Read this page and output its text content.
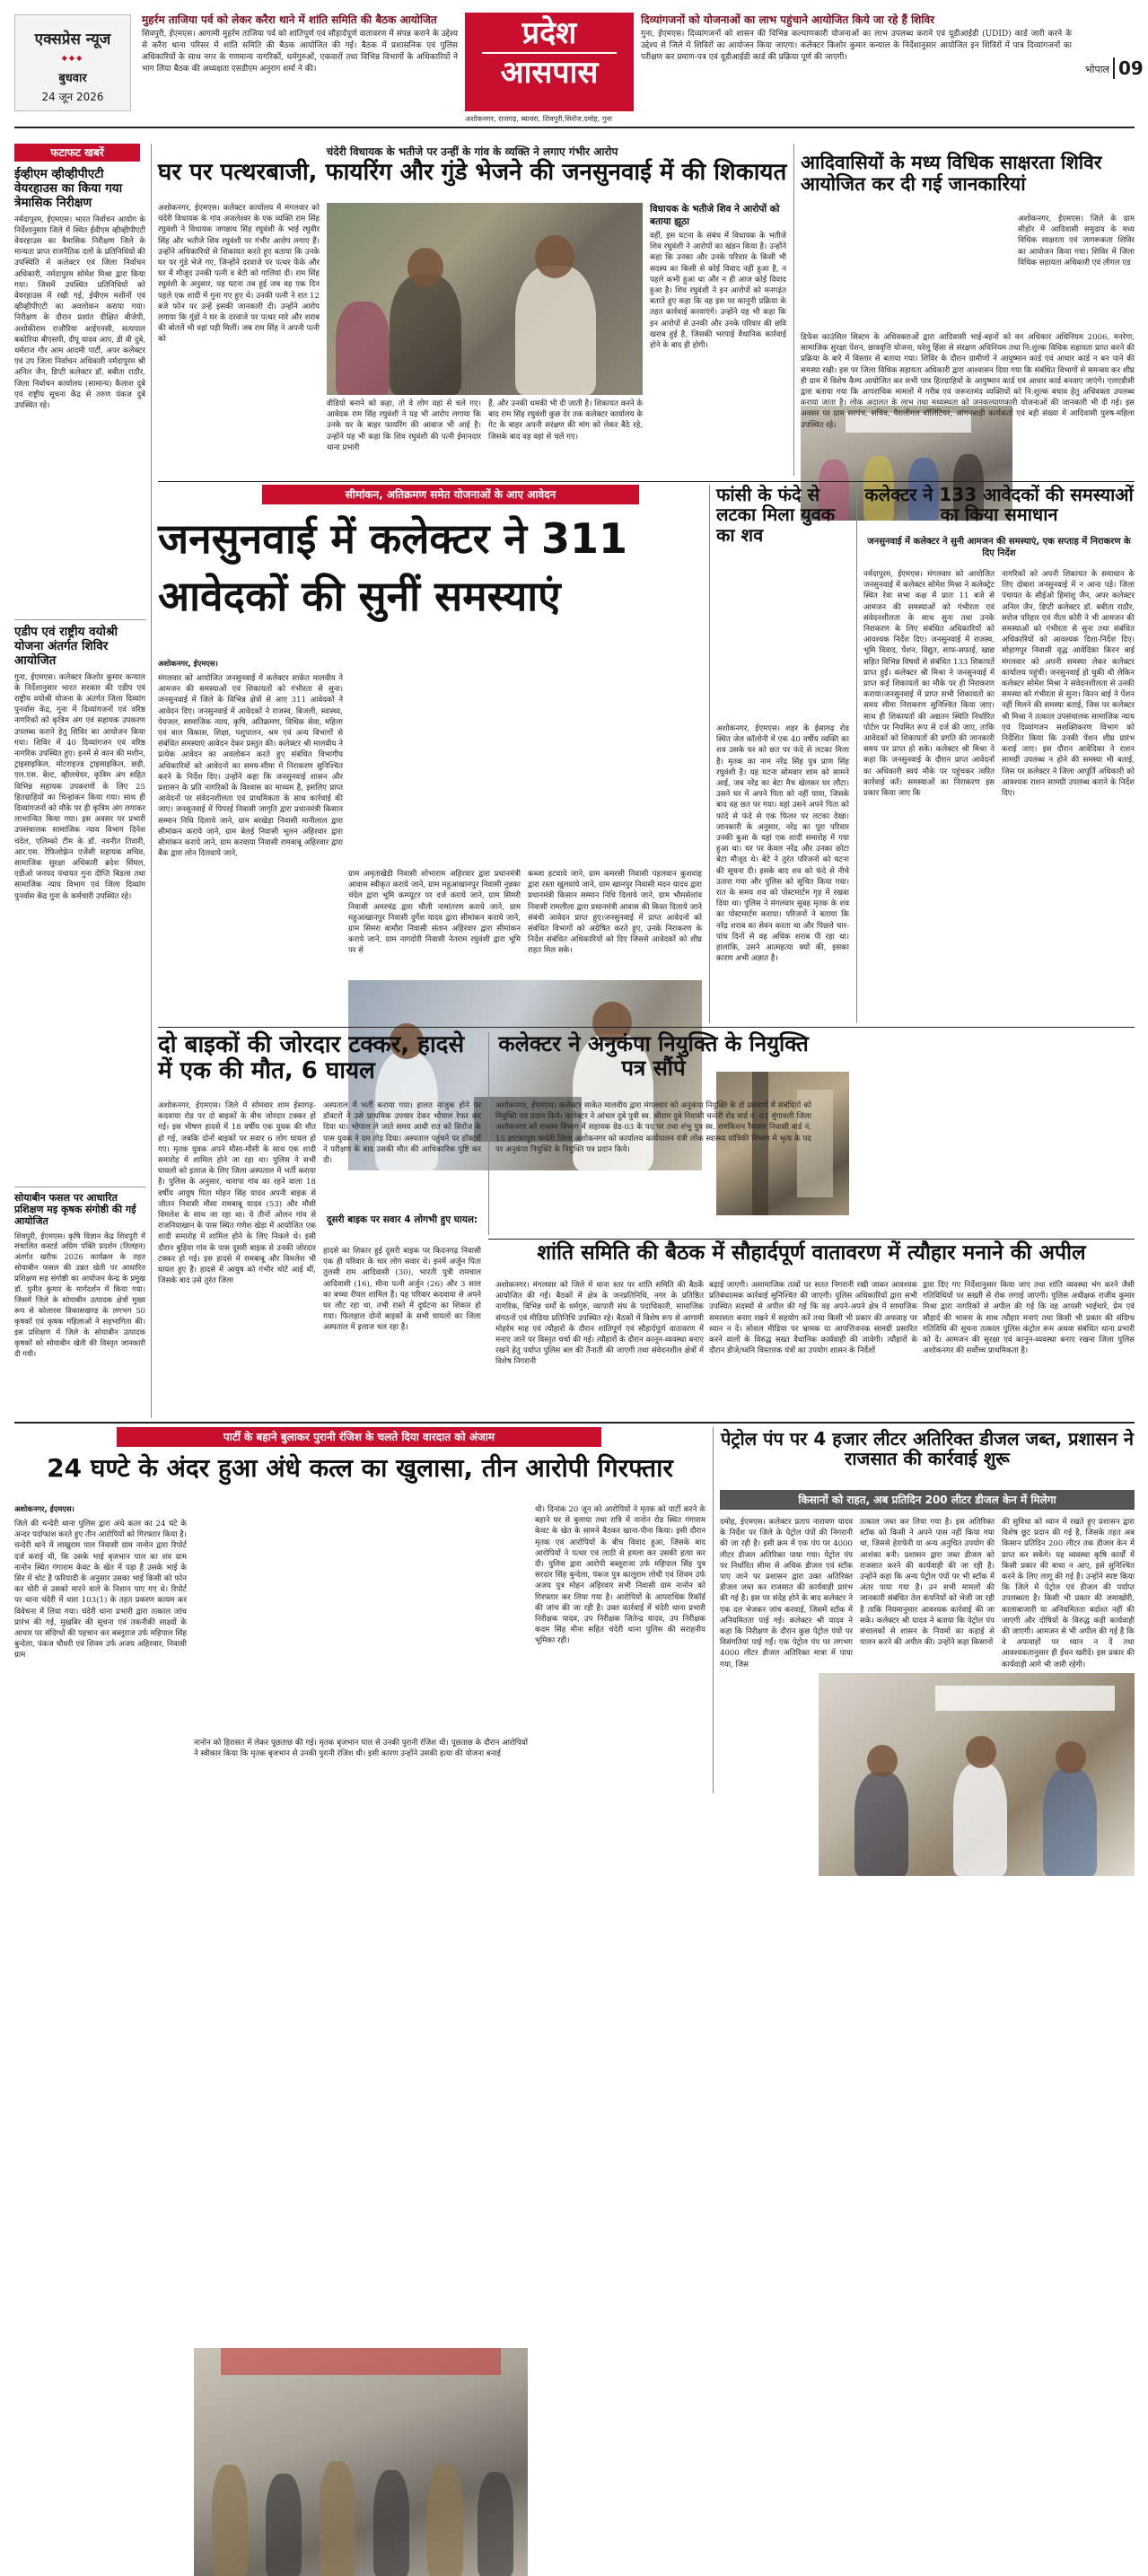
एक्सप्रेस न्यूज
◆◆◆
बुधवार
24 जून 2026
मुहर्रम ताजिया पर्व को लेकर करैरा थाने में शांति समिति की बैठक आयोजित
शिवपुरी, ईएमएस। आगामी मुहर्रम ताजिया पर्व को शांतिपूर्ण एवं सौहार्दपूर्ण वातावरण में संपन्न कराने के उद्देश्य से करैरा थाना परिसर में शांति समिति की बैठक आयोजित की गई। बैठक में प्रशासनिक एवं पुलिस अधिकारियों के साथ नगर के गणमान्य नागरिकों, धर्मगुरुओं, एकवारों तथा विभिन्न विभागों के अधिकारियों ने भाग लिया बैठक की अध्यक्षता एसडीएम अनुराग शर्मा ने की।
प्रदेश
आसपास
अशोकनगर, राजगढ़, ब्यावरा, शिवपुरी,सिरोंज,दमोह, गुना
दिव्यांगजनों को योजनाओं का लाभ पहुंचाने आयोजित किये जा रहे हैं शिविर
गुना, ईएमएस। दिव्यांगजनों को शासन की विभिन्न कल्याणकारी योजनाओं का लाभ उपलब्ध कराने एवं यूडीआईडी (UDID) कार्ड जारी करने के उद्देश्य से जिले में शिविरों का आयोजन किया जाएगा। कलेक्टर किशोर कुमार कन्याल के निर्देशानुसार आयोजित इन शिविरों में पात्र दिव्यांगजनों का परीक्षण कर प्रमाण-पत्र एवं यूडीआईडी कार्ड की प्रक्रिया पूर्ण की जाएगी।
भोपाल 09
फटाफट खबरें
ईव्हीएम व्हीव्हीपीएटी वेयरहाउस का किया गया त्रेमासिक निरीक्षण
नर्मदापुरम, ईएमएस। भारत निर्वाचन आयोग के निर्देशानुसार जिले में स्थित ईवीएम व्हीव्हीपीएटी वेयरहाउस का त्रैमासिक निरीक्षण जिले के मान्यता प्राप्त राजनैतिक दलों के प्रतिनिधियों की उपस्थिति में कलेक्टर एवं जिला निर्वाचन अधिकारी, नर्मदापुरम सोमेश मिश्रा द्वारा किया गया। जिसमें उपस्थित प्रतिनिधियों को वेयरहाउस में रखी गई, ईवीएम मशीनों एवं व्हीव्हीपीएटी का अवलोकन कराया गया। निरीक्षण के दौरान प्रशांत दीक्षित बीजेपी, अशोकीराम राजौरिया आईएनसी, सत्यपाल बकोरिया बीएसपी, दीपू यादव आप, डी वी दुबे, धर्मराज गौर आम आदमी पार्टी, अपर कलेक्टर एवं उप जिला निर्वाचन अधिकारी नर्मदापुरम श्री अनिल जैन, डिप्टी कलेक्टर डॉ. बबीता राठौर, जिला निर्वाचन कार्यालय (सामान्य) कैलाश दुबे एवं राष्ट्रीय सूचना केंद्र से तरुण पंकज दुबे उपस्थित रहे।
एडीप एवं राष्ट्रीय वयोश्री योजना अंतर्गत शिविर आयोजित
गुना, ईएमएस। कलेक्टर किशोर कुमार कन्याल के निर्देशानुसार भारत सरकार की एडीप एवं राष्ट्रीय वयोश्री योजना के अंतर्गत जिला दिव्यांग पुनर्वास केंद्र, गुना में दिव्यांगजनों एवं वरिष्ठ नागरिकों को कृत्रिम अंग एवं सहायक उपकरण उपलब्ध कराने हेतु शिविर का आयोजन किया गया। शिविर में 40 दिव्यांगजन एवं वरिष्ठ नागरिक उपस्थित हुए। इनमें से कान की मशीन, ट्राइसाइकिल, मोटराइज्ड ट्राइसाइकिल, छड़ी, एल.एस. बेल्ट, व्हीलचेयर, कृत्रिम अंग सहित विभिन्न सहायक उपकरणों के लिए 25 हितग्राहियों का चिन्हांकन किया गया। साथ ही दिव्यांगजनों को मौके पर ही कृत्रिम अंग लगाकर लाभान्वित किया गया। इस अवसर पर प्रभारी उपसंचालक सामाजिक न्याय विभाग दिनेश चंदेल, एलिम्को टीम के डॉ. नवनीत तिवारी, आर.एस. रेफिलोफ़्रेन एजेंसी सहायक सचिव, सामाजिक सुरक्षा अधिकारी ब्रदेश सिंघल, एडीओ जनपद पंचायत गुना दीप्ति बिडला तथा सामाजिक न्याय विभाग एवं जिला दिव्यांग पुनर्वास केंद्र गुना के कर्मचारी उपस्थित रहे।
सोयाबीन फसल पर आधारित प्रशिक्षण मइ कृषक संगोष्ठी की गई आयोजित
शिवपुरी, ईएमएस। कृषि विज्ञान केंद्र शिवपुरी में संचालित कस्टर्ड अग्रिम पंक्ति प्रदर्शन (तिलहन) अंतर्गत खरीफ 2026 कार्यक्रम के तहत सोयाबीन फसल की उन्नत खेती पर आधारित प्रशिक्षण सह संगोष्ठी का आयोजन केन्द्र के प्रमुख डॉ. पुनीत कुमार के मार्गदर्शन में किया गया। जिसमें जिले के सोयाबीन उत्पादक क्षेत्रों मुख्य रूप से कोलारस विकासखण्ड के लगभग 50 कृषकों एवं कृषक महिलाओं ने सहभागिता की। इस प्रशिक्षण में जिले के सोयाबीन उत्पादक कृषकों को सोयाबीन खेती की विस्तृत जानकारी दी गयी।
चंदेरी विधायक के भतीजे पर उन्हीं के गांव के व्यक्ति ने लगाए गंभीर आरोप
घर पर पत्थरबाजी, फायरिंग और गुंडे भेजने की जनसुनवाई में की शिकायत
अशोकनगर, ईएमएस। कलेक्टर कार्यालय में मंगलवार को चंदेरी विधायक के गांव अजलेश्वर के एक व्यक्ति राम सिंह रघुवंशी ने विधायक जगन्नाथ सिंह रघुवंशी के भाई रघुवीर सिंह और भतीजे शिव रघुवंशी पर गंभीर आरोप लगाए हैं। उन्होंने अधिकारियों से शिकायत करते हुए बताया कि उनके घर पर गुंडे भेजे गए, जिन्होंने दरवाजे पर पत्थर फेंके और घर में मौजूद उनकी पत्नी व बेटी को गालियां दी। राम सिंह रघुवंशी के अनुसार, यह घटना तब हुई जब वह एक दिन पहले एक शादी में गुना गए हुए थे। उनकी पत्नी ने रात 12 बजे फोन पर उन्हें इसकी जानकारी दी। उन्होंने आरोप लगाया कि गुंडों ने घर के दरवाजे पर पत्थर मारे और शराब की बोतलें भी वहां पड़ी मिलीं। जब राम सिंह ने अपनी पत्नी को
वीडियो बनाने को कहा, तो वे लोग वहां से चले गए। आवेदक राम सिंह रघुवंशी ने यह भी आरोप लगाया कि उनके घर के बाहर फायरिंग की आवाज भी आई है। उन्होंने यह भी कहा कि शिव रघुवंशी की पत्नी ईमानदार थाना प्रभारी
हैं, और उनकी धमकी भी दी जाती है। शिकायत करने के बाद राम सिंह रघुवंशी कुछ देर तक कलेक्टर कार्यालय के गेट के बाहर अपनी सरंक्षण की मांग को लेकर बैठे रहे, जिसके बाद वह वहां से चले गए।
विधायक के भतीजे शिव ने आरोपों को बताया झूठा
वहीं, इस घटना के संबंध में विधायक के भतीजे शिव रघुवंशी ने आरोपों का खंडन किया है। उन्होंने कहा कि उनका और उनके परिवार के किसी भी सदस्य का किसी से कोई विवाद नहीं हुआ है, न पहले कभी हुआ था और न ही आज कोई विवाद हुआ है। शिव रघुवंशी ने इन आरोपों को मनगढ़ंत बताते हुए कहा कि वह इस पर कानूनी प्रक्रिया के तहत कार्रवाई करवाएंगे। उन्होंने यह भी कहा कि इन आरोपों से उनकी और उनके परिवार की छवि खराब हुई है, जिसकी भरपाई वैधानिक कार्रवाई होने के बाद ही होगी।
आदिवासियों के मध्य विधिक साक्षरता शिविर आयोजित कर दी गई जानकारियां
अशोकनगर, ईएमएस। जिले के ग्राम सीहोर में आदिवासी समुदाय के मध्य विधिक साक्षरता एवं जागरूकता शिविर का आयोजन किया गया। शिविर में जिला विधिक सहायता अधिकारी एवं लीगल एड
डिफेंस काउंसिल सिस्टम के अधिवक्ताओं द्वारा आदिवासी भाई-बहनों को वन अधिकार अधिनियम 2006, मनरेगा, सामाजिक सुरक्षा पेंशन, छात्रवृत्ति योजना, घरेलू हिंसा से संरक्षण अधिनियम तथा नि:शुल्क विधिक सहायता प्राप्त करने की प्रक्रिया के बारे में विस्तार से बताया गया। शिविर के दौरान ग्रामीणों ने आयुष्मान कार्ड एवं आधार कार्ड न बन पाने की समस्या रखी। इस पर जिला विधिक सहायता अधिकारी द्वारा आश्वासन दिया गया कि संबंधित विभागों से समन्वय कर शीघ्र ही ग्राम में विशेष कैम्प आयोजित कर सभी पात्र हितग्राहियों के आयुष्मान कार्ड एवं आधार कार्ड बनवाए जाएंगे। एलएडीसी द्वारा बताया गया कि आपराधिक मामलों में गरीब एवं जरूरतमंद व्यक्तियों को नि:शुल्क बचाव हेतु अधिवक्ता उपलब्ध कराया जाता है। लोक अदालत के लाभ तथा मध्यस्थता को जनकल्याणकारी योजनाओं की जानकारी भी दी गई। इस अवसर पर ग्राम सरपंच, सचिव, पैरालीगल वॉलिंटियर, आंगनबाड़ी कार्यकर्ता एवं बड़ी संख्या में आदिवासी पुरुष-महिला उपस्थित रहे।
सीमांकन, अतिक्रमण समेत योजनाओं के आए आवेदन
जनसुनवाई में कलेक्टर ने 311 आवेदकों की सुनीं समस्याएं
अशोकनगर, ईएमएस।
मंगलवार को आयोजित जनसुनवाई में कलेक्टर साकेत मालवीय ने आमजन की समस्याओं एवं शिकायतों को गंभीरता से सुना। जनसुनवाई में जिले के विभिन्न क्षेत्रों से आए 311 आवेदकों ने आवेदन दिए। जनसुनवाई में आवेदकों ने राजस्व, बिजली, स्वास्थ्य, पेयजल, सामाजिक न्याय, कृषि, अतिक्रमण, विधिक सेवा, महिला एवं बाल विकास, शिक्षा, पशुपालन, श्रम एवं अन्य विभागों से संबंधित समस्याएं आवेदन देकर प्रस्तुत की। कलेक्टर श्री मालवीय ने प्रत्येक आवेदन का अवलोकन करते हुए संबंधित विभागीय अधिकारियों को आवेदनों का समय-सीमा में निराकरण सुनिश्चित करने के निर्देश दिए। उन्होंने कहा कि जनसुनवाई शासन और प्रशासन के प्रति नागरिकों के विश्वास का माध्यम है, इसलिए प्राप्त आवेदनों पर संवेदनशीलता एवं प्राथमिकता के साथ कार्रवाई की जाए। जनसुनवाई में पिपरई निवासी जागृति द्वारा प्रधानमंत्री किसान सम्मान निधि दिलाये जाने, ग्राम बरखेड़ा निवासी मानीलाल द्वारा सीमांकन कराये जाने, ग्राम बेलई निवासी भूलन अहिरवार द्वारा सीमांकन कराये जाने, ग्राम करवाया निवासी रामबाबू अहिरवार द्वारा बैंक द्वारा लोन दिलवाये जाने,
ग्राम अमृताखेडी निवासी शोभाराम अहिरवार द्वारा प्रधानमंत्री आवास स्वीकृत कराये जाने, ग्राम महुआखानपुर निवासी नुन्नका चंदेल द्वारा भूमि कम्प्यूटर पर दर्ज कराये जाने, ग्राम सिमरी निवासी अमरचंद्र द्वारा चौली नामांतरण कराये जाने, ग्राम महुआखानपुर निवासी दुर्गेश यादव द्वारा सीमांकन कराये जाने, ग्राम सिमरा बामौरा निवासी संतान अहिरवार द्वारा सीमांकन कराये जाने, ग्राम नागदोरी निवासी नेतराम रघुवंशी द्वारा भूमि पर से
कब्जा हटवाये जाने, ग्राम कमरसी निवासी पहलवान कुशवाह द्वारा रस्ता खुलवाये जाने, ग्राम खानपुर निवासी मदन यादव द्वारा प्रधानमंत्री किसान सम्मान निधि दिलाये जाने, ग्राम भौमसेलांव निवासी रामलीला द्वारा प्रधानमंत्री आवास की किस्त दिलाये जाने संबंधी आवेदन प्राप्त हुए।जनसुनवाई में प्राप्त आवेदनों को संबंधित विभागों को अग्रेषित करते हुए, उनके निराकरण के निर्देश संबंधित अधिकारियों को दिए जिससे आवेदकों को शीघ्र राहत मिल सके।
फांसी के फंदे से लटका मिला युवक का शव
अशोकनगर, ईएमएस। शहर के ईसागढ़ रोड स्थित जेल कॉलोनी में एक 40 वर्षीय व्यक्ति का शव उसके घर को छत पर फंदे से लटका मिला है। मृतक का नाम नरेंद्र सिंह पुत्र प्राण सिंह रघुवंशी है। यह घटना सोमवार शाम को सामने आई, जब नरेंद्र का बेटा मैच खेलकर घर लौटा। उसने घर में अपने पिता को नहीं पाया, जिसके बाद वह छत पर गया। वहां उसने अपने पिता को फांदे से फंदे से एक फिलर पर लटका देखा। जानकारी के अनुसार, नरेंद्र का पूरा परिवार उनकी बुआ के यहां एक शादी समारोह में गया हुआ था। घर पर केवल नरेंद्र और उनका छोटा बेटा मौजूद थे। बेटे ने तुरंत परिजनों को घटना की सूचना दी। इसके बाद शव को फंदे से नीचे उतारा गया और पुलिस को सूचित किया गया। रात के समय शव को पोस्टमार्टम गृह में रखवा दिया था। पुलिस ने मंगलवार सुबह मृतक के शव का पोस्टमार्टम कराया। परिजनों ने बताया कि नरेंद्र शराब का सेवन करता था और पिछले चार-पांच दिनों से वह अधिक शराब पी रहा था। हालांकि, उसने आत्महत्या क्यों की, इसका कारण अभी अज्ञात है।
कलेक्टर ने 133 आवेदकों की समस्याओं का किया समाधान
जनसुनवाई में कलेक्टर ने सुनी आमजन की समस्याएं, एक सप्ताह में निराकरण के दिए निर्देश
नर्मदापुरम, ईएमएस। मंगलवार को आयोजित जनसुनवाई में कलेक्टर सोमेश मिश्रा ने कलेक्ट्रेट स्थित रेवा सभा कक्ष में प्रातः 11 बजे से आमजन की समस्याओं को गंभीरता एवं संवेदनशीलता के साथ सुना तथा उनके निराकरण के लिए संबंधित अधिकारियों को आवश्यक निर्देश दिए। जनसुनवाई में राजस्व, भूमि विवाद, पेंशन, विद्युत, साफ-सफाई, खाद्य सहित विभिन्न विषयों से संबंधित 133 शिकायतें प्राप्त हुईं। कलेक्टर श्री मिश्रा ने जनसुनवाई में प्राप्त कई शिकायतों का मौके पर ही निराकरण कराया।जनसुनवाई में प्राप्त सभी शिकायतों का समय सीमा निराकरण सुनिश्चित किया जाए। साथ ही शिकायतों की अद्यतन स्थिति निर्धारित पोर्टल पर नियमित रूप से दर्ज की जाए, ताकि आवेदकों को शिकायतों की प्रगति की जानकारी समय पर प्राप्त हो सके। कलेक्टर श्री मिश्रा ने कहा कि जनसुनवाई के दौरान प्राप्त आवेदनों का अधिकारी स्वयं मौके पर पहुंचकर त्वरित कार्रवाई करें। समस्याओं का निराकरण इस प्रकार किया जाए कि
नागरिकों को अपनी शिकायत के समाधान के लिए दोबारा जनसुनवाई में न आना पड़े। जिला पंचायत के सीईओ हिमांशु जैन, अपर कलेक्टर अनिल जैन, डिप्टी कलेक्टर डॉ. बबीता राठौर, सरोज परिहार एवं नीता कोरी ने भी आमजन की समस्याओं को गंभीरता से सुना तथा संबंधित अधिकारियों को आवश्यक दिशा-निर्देश दिए। सोहागपुर निवासी वृद्ध आवेदिका किरन बाई मंगलवार को अपनी समस्या लेकर कलेक्टर कार्यालय पहुंचीं। जनसुनवाई हो चुकी थी लेकिन कलेक्टर सोमेश मिश्रा ने संवेदनशीलता से उनकी समस्या को गंभीरता से सुना। किरन बाई ने पेंशन नहीं मिलने की समस्या बताई, जिस पर कलेक्टर श्री मिश्रा ने तत्काल उपसंचालक सामाजिक न्याय एवं दिव्यांगजन सशक्तिकरण विभाग को निर्देशित किया कि उनकी पेंशन शीघ्र प्रारंभ कराई जाए। इस दौरान आवेदिका ने राशन सामग्री उपलब्ध न होने की समस्या भी बताई, जिस पर कलेक्टर ने जिला आपूर्ति अधिकारी को आवश्यक राशन सामग्री उपलब्ध कराने के निर्देश दिए।
दो बाइकों की जोरदार टक्कर, हादसे में एक की मौत, 6 घायल
अशोकनगर, ईएमएस। जिले में सोमवार शाम ईसागढ़-कदवाया रोड पर दो बाइकों के बीच जोरदार टक्कर हो गई। इस भीषण हादसे में 18 वर्षीय एक युवक की मौत हो गई, जबकि दोनों बाइकों पर सवार 6 लोग घायल हो गए। मृतक युवक अपने मौसा-मौसी के साथ एक शादी समारोह में शामिल होने जा रहा था। पुलिस ने सभी घायलों को इलाज के लिए जिला अस्पताल में भर्ती कराया है। पुलिस के अनुसार, चारापा गांव का रहने वाला 18 वर्षीय आयुष पिता मोहन सिंह यादव अपनी बाइक से जीतन निवासी मौसा रामबाबू यादव (53) और मौसी विमलेश के साथ जा रहा था। ये तीनों ओलन गांव से राजनियाखान के पास स्थित गणेश खेड़ा में आयोजित एक शादी समारोह में शामिल होने के लिए निकले थे। इसी दौरान बुड़िया गांव के पास दूसरी बाइक से उनकी जोरदार टक्कर हो गई। इस हादसे में रामबाबू और विमलेश भी घायल हुए हैं। हादसे में आयुष को गंभीर चोटें आई थीं, जिसके बाद उसे तुरंत जिला
अस्पताल में भर्ती कराया गया। हालत नाजुक होने पर डॉक्टरों ने उसे प्राथमिक उपचार देकर भोपाल रेफर कर दिया था। भोपाल ले जाते समय आधी रात को सिरोंज के पास युवक ने दम तोड़ दिया। अस्पताल पहुंचने पर डॉक्टरों ने परीक्षण के बाद उसकी मौत की आधिकारिक पुष्टि कर दी।
दूसरी बाइक पर सवार 4 लोगभी हुए घायल:
हादसे का शिकार हुई दूसरी बाइक पर किदनगढ़ निवासी एक ही परिवार के चार लोग सवार थे। इनमें अर्जुन पिता तुलसी राम आदिवासी (30), भारती पुत्री रामचाल आदिवासी (16), मीना पत्नी अर्जुन (26) और 3 साल का बच्चा रीयल शामिल हैं। यह परिवार कदवाया से अपने घर लौट रहा था, तभी रास्ते में दुर्घटना का शिकार हो गया। फिलहाल दोनों बाइकों के सभी घायलों का जिला अस्पताल में इलाज चल रहा है।
कलेक्टर ने अनुकंपा नियुक्ति के नियुक्ति पत्र सौंपे
अशोकनगर, ईएमएस। कलेक्टर साकेत मालवीय द्वारा मंगलवार को अनुकंपा नियुक्ति के दो प्रकरणों में संबंधितों को नियुक्ति पत्र प्रदान किये। कलेक्टर ने आंचल दुबे पुत्री स्व. श्रीराम दुबे निवासी चन्देरी रोड वार्ड न. 01 मुंगावली जिला अशोकनगर को राजस्व विभाग में सहायक ग्रेड-03 के पद पर तथा शंभु पुत्र स्व. रामकिशन रैकवार निवासी वार्ड नं. 15 हाटकापुरा चन्देरी जिला अशोकनगर को कार्यालय कार्यपालन यंत्री लोक स्वास्थ्य यांत्रिकी विभाग में भृत्य के पद पर अनुकंपा नियुक्ति के नियुक्ति पत्र प्रदान किये।
शांति समिति की बैठक में सौहार्दपूर्ण वातावरण में त्यौहार मनाने की अपील
अशोकनगर। मंगलवार को जिले में थाना स्तर पर शांति समिति की बैठकें आयोजित की गईं। बैठकों में क्षेत्र के जनप्रतिनिधि, नगर के प्रतिष्ठित नागरिक, विभिन्न धर्मों के धर्मगुरु, व्यापारी संघ के पदाधिकारी, सामाजिक संगठनों एवं मीडिया प्रतिनिधि उपस्थित रहे। बैठकों में विशेष रूप से आगामी मोहर्रम माह एवं त्यौहारों के दौरान शांतिपूर्ण एवं सौहार्दपूर्ण वातावरण में मनाए जाने पर विस्तृत चर्चा की गई। त्यौहारों के दौरान कानून-व्यवस्था बनाए रखने हेतु पर्याप्त पुलिस बल की तैनाती की जाएगी तथा संवेदनशील क्षेत्रों में विशेष निगरानी
बढ़ाई जाएगी। असामाजिक तत्वों पर सतत निगरानी रखी जाकर आवश्यक प्रतिबंधात्मक कार्रवाई सुनिश्चित की जाएगी। पुलिस अधिकारियों द्वारा सभी उपस्थित सदस्यों से अपील की गई कि वह अपने-अपने क्षेत्र में सामाजिक समरसता बनाए रखने में सहयोग करें तथा किसी भी प्रकार की अफवाह पर ध्यान न दें। सोशल मीडिया पर भ्रामक या आपत्तिजनक सामग्री प्रसारित करने वालों के विरुद्ध सख्त वैधानिक कार्यवाही की जावेगी। त्यौहारों के दौरान डीजे/ध्वनि विस्तारक यंत्रों का उपयोग शासन के निर्देशों
द्वारा दिए गए निर्देशानुसार किया जाए तथा शांति व्यवस्था भंग करने जैसी गतिविधियों पर सख्ती से रोक लगाई जाएगी। पुलिस अधीक्षक राजीव कुमार मिश्रा द्वारा नागरिकों से अपील की गई कि वह आपसी भाईचारे, प्रेम एवं सौहार्द की भावना के साथ त्यौहार मनाएं तथा किसी भी प्रकार की संदिग्ध गतिविधि की सूचना तत्काल पुलिस कंट्रोल रूम अथवा संबंधित थाना प्रभारी को दें। आमजन की सुरक्षा एवं कानून-व्यवस्था बनाए रखना जिला पुलिस अशोकनगर की सर्वोच्च प्राथमिकता है।
पार्टी के बहाने बुलाकर पुरानी रंजिश के चलते दिया वारदात को अंजाम
24 घण्टे के अंदर हुआ अंधे कत्ल का खुलासा, तीन आरोपी गिरफ्तार
अशोकनगर, ईएमएस।
जिले की चन्देरी थाना पुलिस द्वारा अंधे कत्ल का 24 घंटे के अन्दर पर्दाफाश करते हुए तीन आरोपियों को गिरफ्तार किया है। चन्देरी थाने में लाखुराम पाल निवासी ग्राम नानोन द्वारा रिपोर्ट दर्ज कराई थी, कि उसके भाई बृजभान पाल का शव ग्राम नानोन स्थित गंगाराम केवट के खेत में पड़ा है उसके भाई के सिर में चोट है फरियादी के अनुसार उसका भाई किसी को फोन कर चोरी से उसको मारने वाले के निशान पाए गए थे। रिपोर्ट पर थाना चंदेरी में धारा 103(1) के तहत प्रकरण कायम कर विवेचना में लिया गया। चंदेरी थाना प्रभारी द्वारा तत्काल जांच प्रारंभ की गई, मुखबिर की सूचना एवं तकनीकी साक्ष्यों के आधार पर संदिग्धों की पहचान कर बब्लूराज उर्फ महिपाल सिंह बुन्देला, पंकज चौधरी एवं शिवम उर्फ अजय अहिरवार, निवासी ग्राम
नानोन को हिरासत में लेकर पूछताछ की गई। मृतक बृजभान पाल से उनकी पुरानी रंजिश थी। पूछताछ के दौरान आरोपियों ने स्वीकार किया कि मृतक बृजभान से उनकी पुरानी रंजिश थी। इसी कारण उन्होंने उसकी हत्या की योजना बनाई
थी। दिनांक 20 जून को आरोपियों ने मृतक को पार्टी करने के बहाने घर से बुलाया तथा रात्रि में नानोन रोड स्थित गंगाराम केवट के खेत के सामने बैठकर खाना-पीना किया। इसी दौरान मृतक एवं आरोपियों के बीच विवाद हुआ, जिसके बाद आरोपियों ने पत्थर एवं लाठी से हमला कर उसकी हत्या कर दी। पुलिस द्वारा आरोपी बब्लूराजा उर्फ महिपाल सिंह पुत्र सरदार सिंह बुन्देला, पंकज पुत्र कालूराम लोधी एवं शिवम उर्फ अजय पुत्र मोहन अहिरवार सभी निवासी ग्राम नानोन को गिरफ्तार कर लिया गया है। आरोपियों के आपराधिक रिकॉर्ड की जांच की जा रही है। उक्त कार्रवाई में चंदेरी थाना प्रभारी निरीक्षक यादव, उप निरीक्षक जितेन्द्र यादव, उप निरीक्षक कदम सिंह मीना सहित चंदेरी थाना पुलिस की सराहनीय भूमिका रही।
पेट्रोल पंप पर 4 हजार लीटर अतिरिक्त डीजल जब्त, प्रशासन ने राजसात की कार्रवाई शुरू
किसानों को राहत, अब प्रतिदिन 200 लीटर डीजल केन में मिलेगा
दमोह, ईएमएस। कलेक्टर प्रताप नारायण यादव के निर्देश पर जिले के पेट्रोल पंपों की निगरानी की जा रही है। इसी क्रम में एक पंप पर 4000 लीटर डीजल अतिरिक्त पाया गया। पेट्रोल पंप पर निर्धारित सीमा से अधिक डीजल एवं स्टॉक पाए जाने पर प्रशासन द्वारा उक्त अतिरिक्त डीजल जब्त कर राजसात की कार्यवाही प्रारंभ की गई है। इस पर संदेह होने के बाद कलेक्टर ने एक दल भेजकर जांच करवाई, जिसमें स्टॉक में अनियमितता पाई गई। कलेक्टर श्री यादव ने कहा कि निरीक्षण के दौरान कुछ पेट्रोल पंपों पर विसंगतियां पाई गईं। एक पेट्रोल पंप पर लगभग 4000 लीटर डीजल अतिरिक्त मात्रा में पाया गया, जिस
तत्काल जब्त कर लिया गया है। इस अतिरिक्त स्टॉक को किसी ने अपने पास नहीं किया गया था, जिससे हेराफेरी या अन्य अनुचित उपयोग की आशंका बनी। प्रशासन द्वारा जब्त डीजल को राजसात करने की कार्यवाही की जा रही है। उन्होंने कहा कि अन्य पेट्रोल पंपों पर भी स्टॉक में अंतर पाया गया है। उन सभी मामलों की जानकारी संबंधित तेल कंपनियों को भेजी जा रही है ताकि नियमानुसार आवश्यक कार्रवाई की जा सके। कलेक्टर श्री यादव ने बताया कि पेट्रोल पंप संचालकों से शासन के नियमों का कड़ाई से पालन करने की अपील की। उन्होंने कहा किसानों
की सुविधा को ध्यान में रखते हुए प्रशासन द्वारा विशेष छूट प्रदान की गई है, जिसके तहत अब किसान प्रतिदिन 200 लीटर तक डीजल केन में प्राप्त कर सकेंगे। यह व्यवस्था कृषि कार्यों में किसी प्रकार की बाधा न आए, इसे सुनिश्चित करने के लिए लागू की गई है। उन्होंने स्पष्ट किया कि जिले में पेट्रोल एवं डीजल की पर्याप्त उपलब्धता है। किसी भी प्रकार की जमाखोरी, कालाबाजारी या अनियमितता बर्दाश्त नहीं की जाएगी और दोषियों के विरुद्ध कड़ी कार्यवाही की जाएगी। आमजन से भी अपील की गई है कि वे अफवाहों पर ध्यान न दें तथा आवश्यकतानुसार ही ईंधन खरीदें। इस प्रकार की कार्यवाही आगे भी जारी रहेगी।
